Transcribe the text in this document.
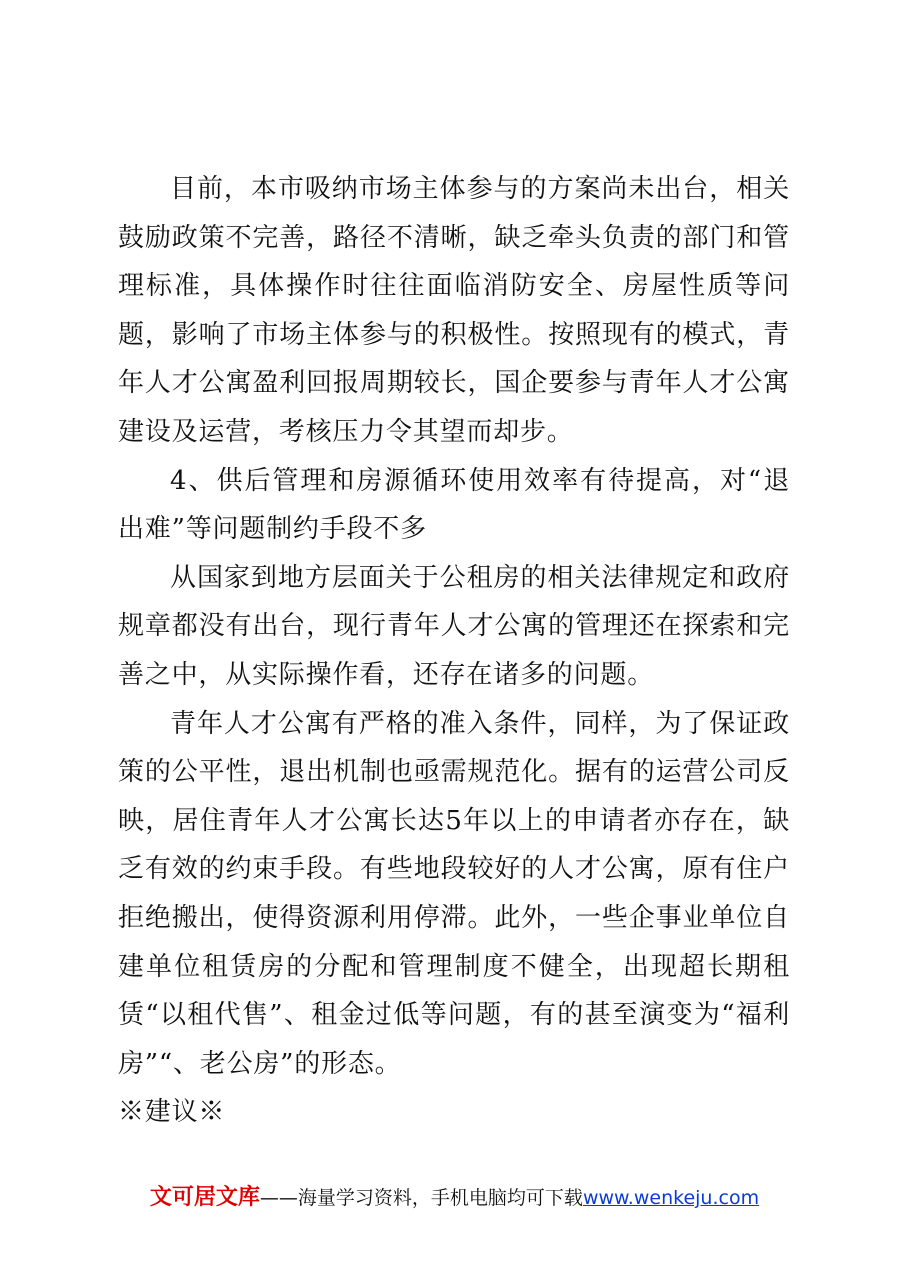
目前，本市吸纳市场主体参与的方案尚未出台，相关鼓励政策不完善，路径不清晰，缺乏牵头负责的部门和管理标准，具体操作时往往面临消防安全、房屋性质等问题，影响了市场主体参与的积极性。按照现有的模式，青年人才公寓盈利回报周期较长，国企要参与青年人才公寓建设及运营，考核压力令其望而却步。

4、供后管理和房源循环使用效率有待提高，对“退出难”等问题制约手段不多

从国家到地方层面关于公租房的相关法律规定和政府规章都没有出台，现行青年人才公寓的管理还在探索和完善之中，从实际操作看，还存在诸多的问题。

青年人才公寓有严格的准入条件，同样，为了保证政策的公平性，退出机制也亟需规范化。据有的运营公司反映，居住青年人才公寓长达5年以上的申请者亦存在，缺乏有效的约束手段。有些地段较好的人才公寓，原有住户拒绝搬出，使得资源利用停滞。此外，一些企事业单位自建单位租赁房的分配和管理制度不健全，出现超长期租赁“以租代售”、租金过低等问题，有的甚至演变为“福利房”“、老公房”的形态。

※建议※

文可居文库——海量学习资料，手机电脑均可下载www.wenkeju.com
